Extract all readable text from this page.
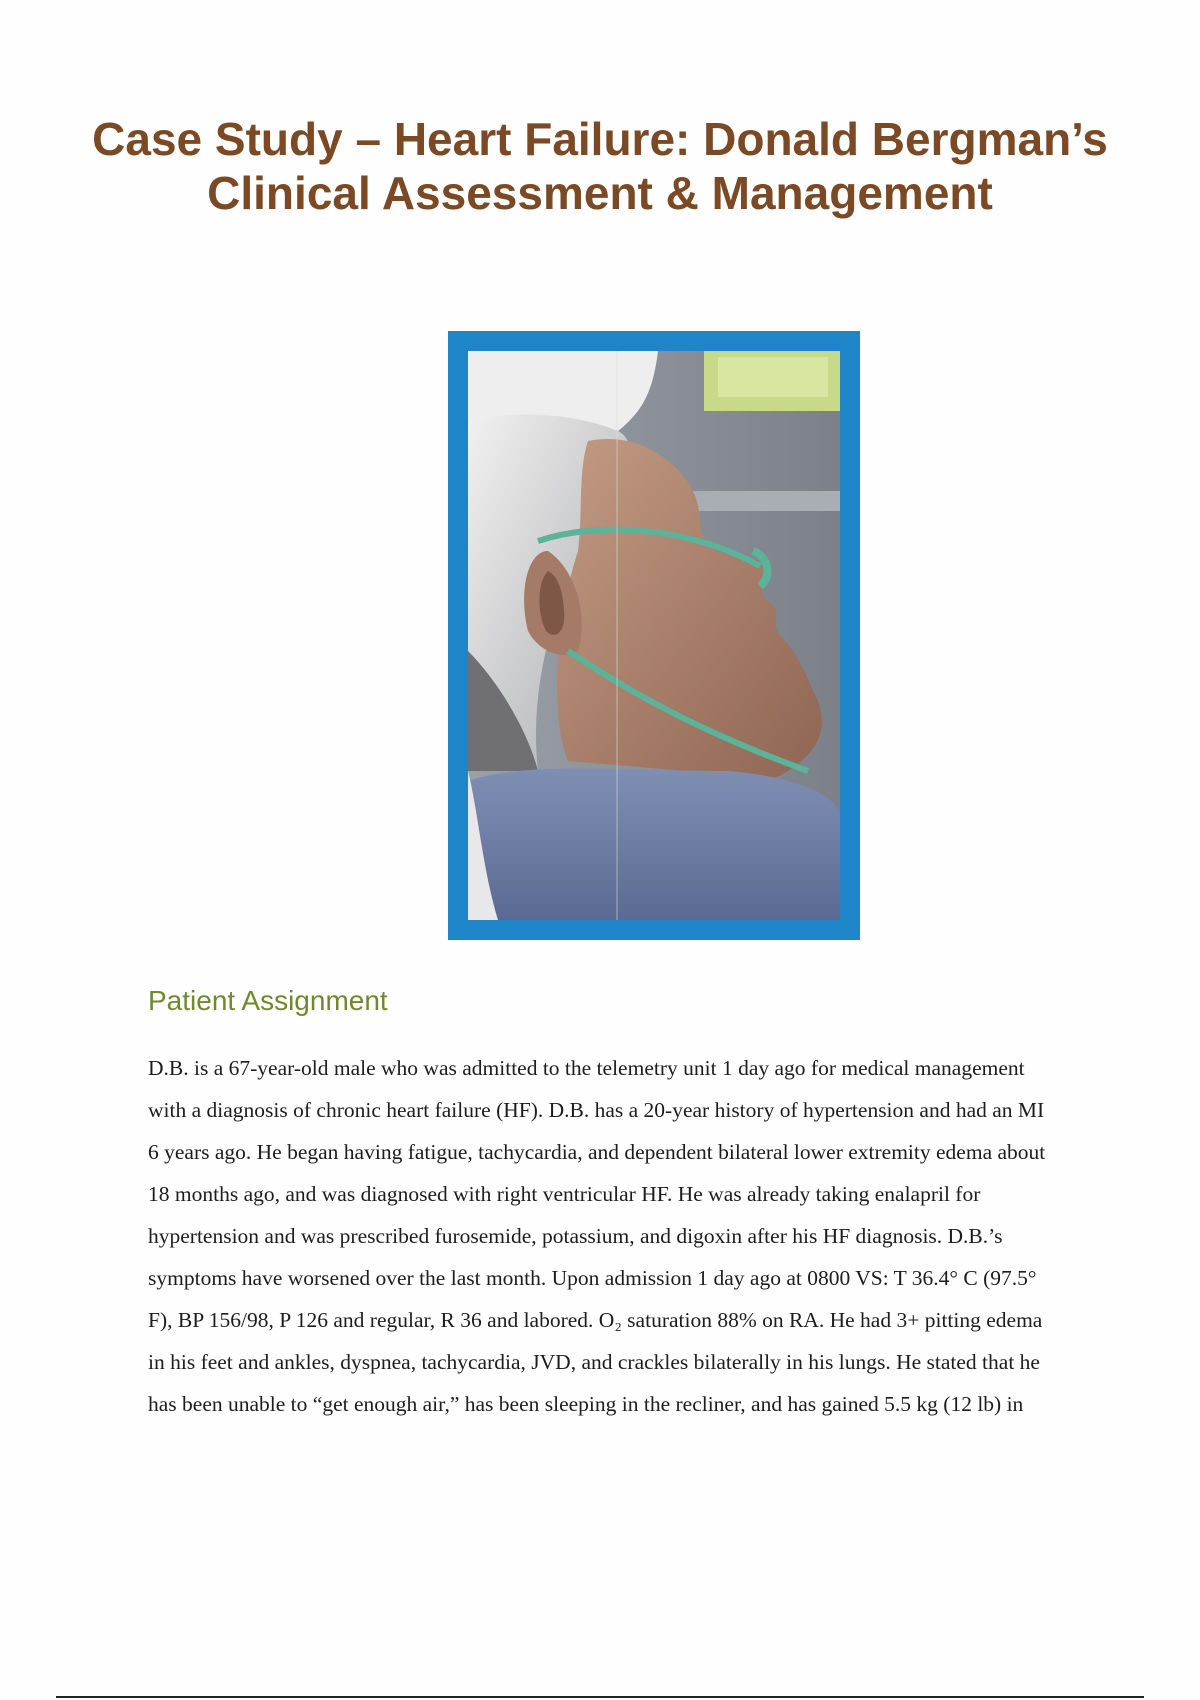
Case Study – Heart Failure: Donald Bergman’s
Clinical Assessment & Management
Patient Assignment
D.B. is a 67-year-old male who was admitted to the telemetry unit 1 day ago for medical management
with a diagnosis of chronic heart failure (HF). D.B. has a 20-year history of hypertension and had an MI
6 years ago. He began having fatigue, tachycardia, and dependent bilateral lower extremity edema about
18 months ago, and was diagnosed with right ventricular HF. He was already taking enalapril for
hypertension and was prescribed furosemide, potassium, and digoxin after his HF diagnosis. D.B.’s
symptoms have worsened over the last month. Upon admission 1 day ago at 0800 VS: T 36.4° C (97.5°
F), BP 156/98, P 126 and regular, R 36 and labored. O₂ saturation 88% on RA. He had 3+ pitting edema
in his feet and ankles, dyspnea, tachycardia, JVD, and crackles bilaterally in his lungs. He stated that he
has been unable to “get enough air,” has been sleeping in the recliner, and has gained 5.5 kg (12 lb) in
